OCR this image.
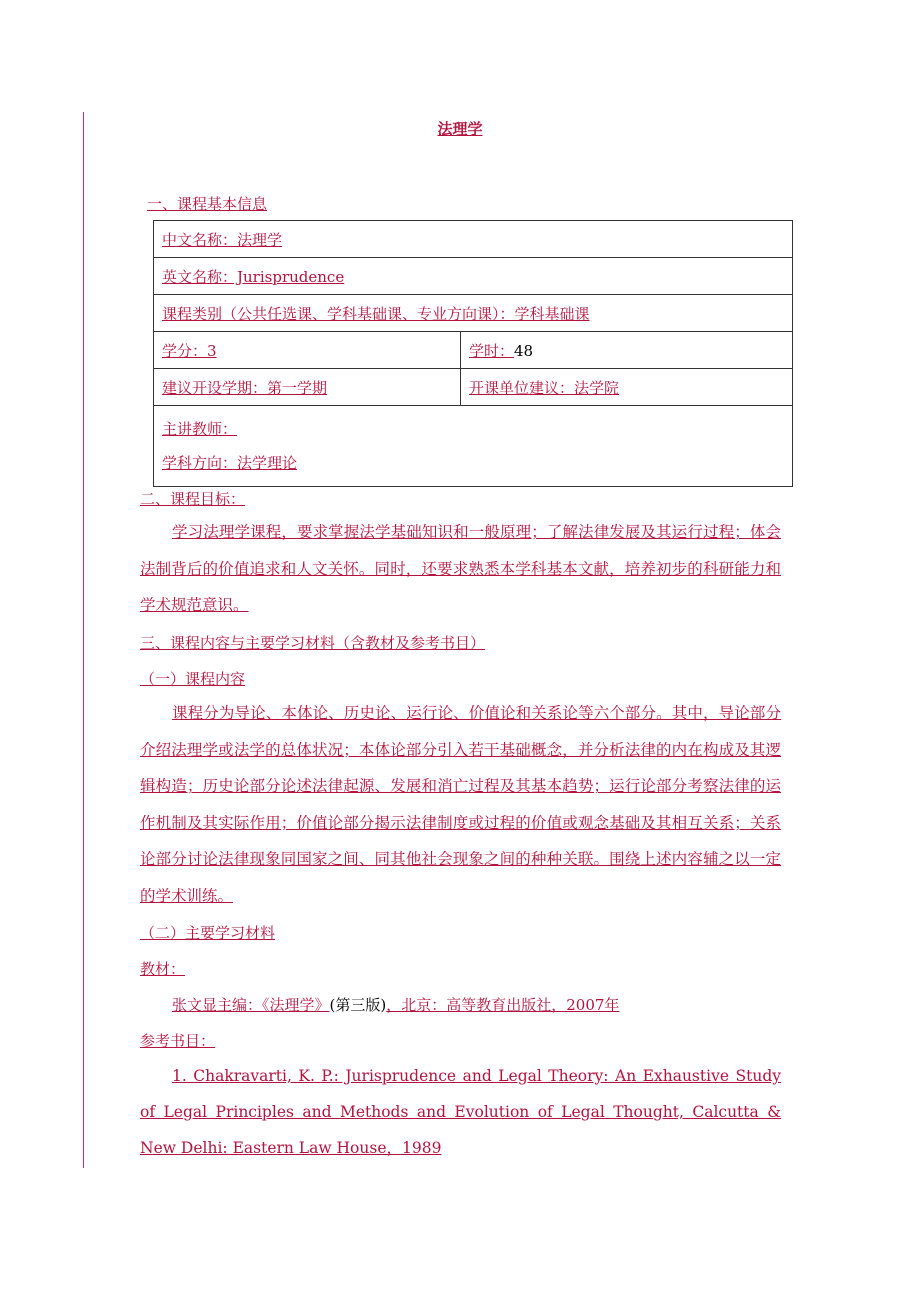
法理学
一、课程基本信息
中文名称：法理学	
英文名称：Jurisprudence	
课程类别（公共任选课、学科基础课、专业方向课）：学科基础课	
学分：3	学时：48
建议开设学期：第一学期	开课单位建议：法学院

主讲教师：
学科方向：法学理论	
二、课程目标：
学习法理学课程，要求掌握法学基础知识和一般原理；了解法律发展及其运行过程；体会法制背后的价值追求和人文关怀。同时，还要求熟悉本学科基本文献，培养初步的科研能力和学术规范意识。
三、课程内容与主要学习材料（含教材及参考书目）
（一）课程内容
课程分为导论、本体论、历史论、运行论、价值论和关系论等六个部分。其中，导论部分介绍法理学或法学的总体状况；本体论部分引入若干基础概念，并分析法律的内在构成及其逻辑构造；历史论部分论述法律起源、发展和消亡过程及其基本趋势；运行论部分考察法律的运作机制及其实际作用；价值论部分揭示法律制度或过程的价值或观念基础及其相互关系；关系论部分讨论法律现象同国家之间、同其他社会现象之间的种种关联。围绕上述内容辅之以一定的学术训练。
（二）主要学习材料
教材：
张文显主编：《法理学》(第三版)，北京：高等教育出版社，2007年
参考书目：
1. Chakravarti, K. P.: Jurisprudence and Legal Theory: An Exhaustive Study of Legal Principles and Methods and Evolution of Legal Thought, Calcutta & New Delhi: Eastern Law House，1989
